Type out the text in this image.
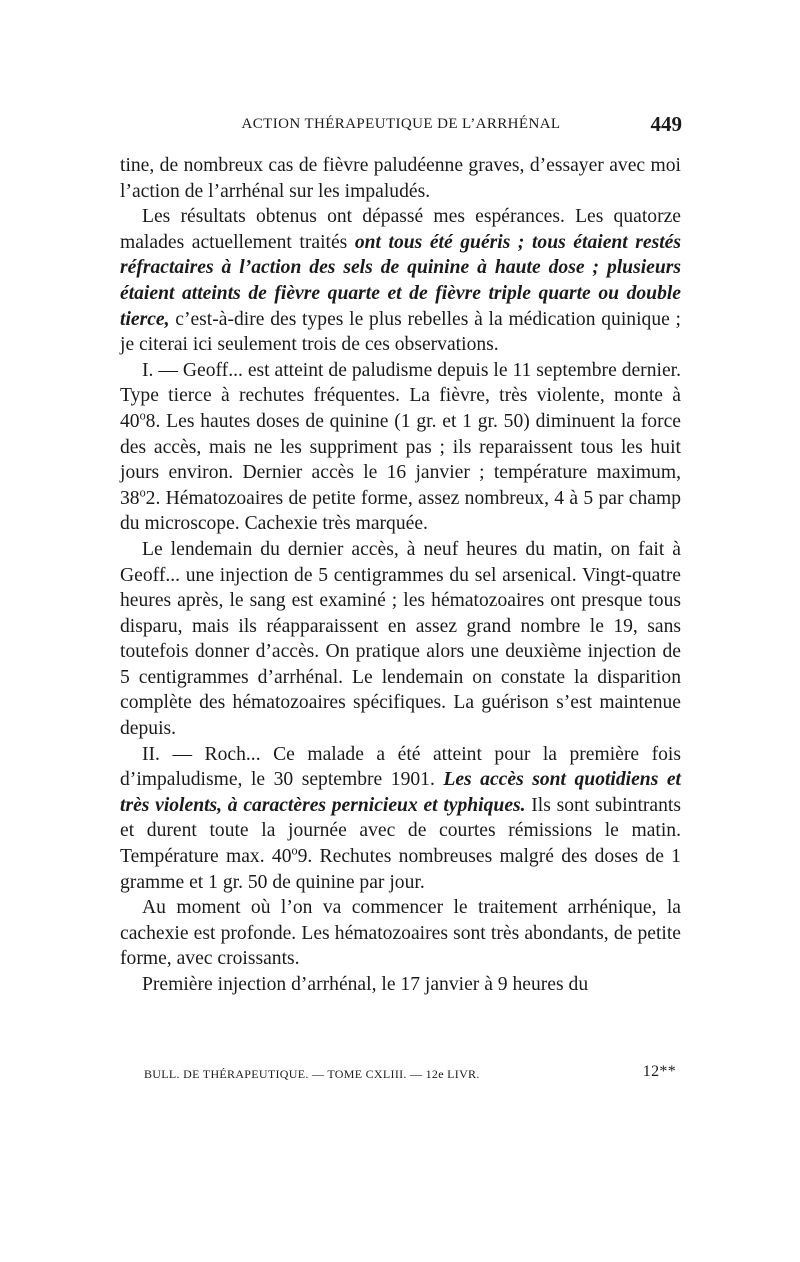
ACTION THÉRAPEUTIQUE DE L’ARRHÉNAL	449

tine, de nombreux cas de fièvre paludéenne graves, d’essayer avec moi l’action de l’arrhénal sur les impaludés.

Les résultats obtenus ont dépassé mes espérances. Les quatorze malades actuellement traités ont tous été guéris ; tous étaient restés réfractaires à l’action des sels de quinine à haute dose ; plusieurs étaient atteints de fièvre quarte et de fièvre triple quarte ou double tierce, c’est-à-dire des types le plus rebelles à la médication quinique ; je citerai ici seulement trois de ces observations.

I. — Geoff... est atteint de paludisme depuis le 11 septembre dernier. Type tierce à rechutes fréquentes. La fièvre, très violente, monte à 40$^o$8. Les hautes doses de quinine (1 gr. et 1 gr. 50) diminuent la force des accès, mais ne les suppriment pas ; ils reparaissent tous les huit jours environ. Dernier accès le 16 janvier ; température maximum, 38$^o$2. Hématozoaires de petite forme, assez nombreux, 4 à 5 par champ du microscope. Cachexie très marquée.

Le lendemain du dernier accès, à neuf heures du matin, on fait à Geoff... une injection de 5 centigrammes du sel arsenical. Vingt-quatre heures après, le sang est examiné ; les hématozoaires ont presque tous disparu, mais ils réapparaissent en assez grand nombre le 19, sans toutefois donner d’accès. On pratique alors une deuxième injection de 5 centigrammes d’arrhénal. Le lendemain on constate la disparition complète des hématozoaires spécifiques. La guérison s’est maintenue depuis.

II. — Roch... Ce malade a été atteint pour la première fois d’impaludisme, le 30 septembre 1901. Les accès sont quotidiens et très violents, à caractères pernicieux et typhiques. Ils sont subintrants et durent toute la journée avec de courtes rémissions le matin. Température max. 40$^o$9. Rechutes nombreuses malgré des doses de 1 gramme et 1 gr. 50 de quinine par jour.

Au moment où l’on va commencer le traitement arrhénique, la cachexie est profonde. Les hématozoaires sont très abondants, de petite forme, avec croissants.

Première injection d’arrhénal, le 17 janvier à 9 heures du

BULL. DE THÉRAPEUTIQUE. — TOME CXLIII. — 12e LIVR.	12**
